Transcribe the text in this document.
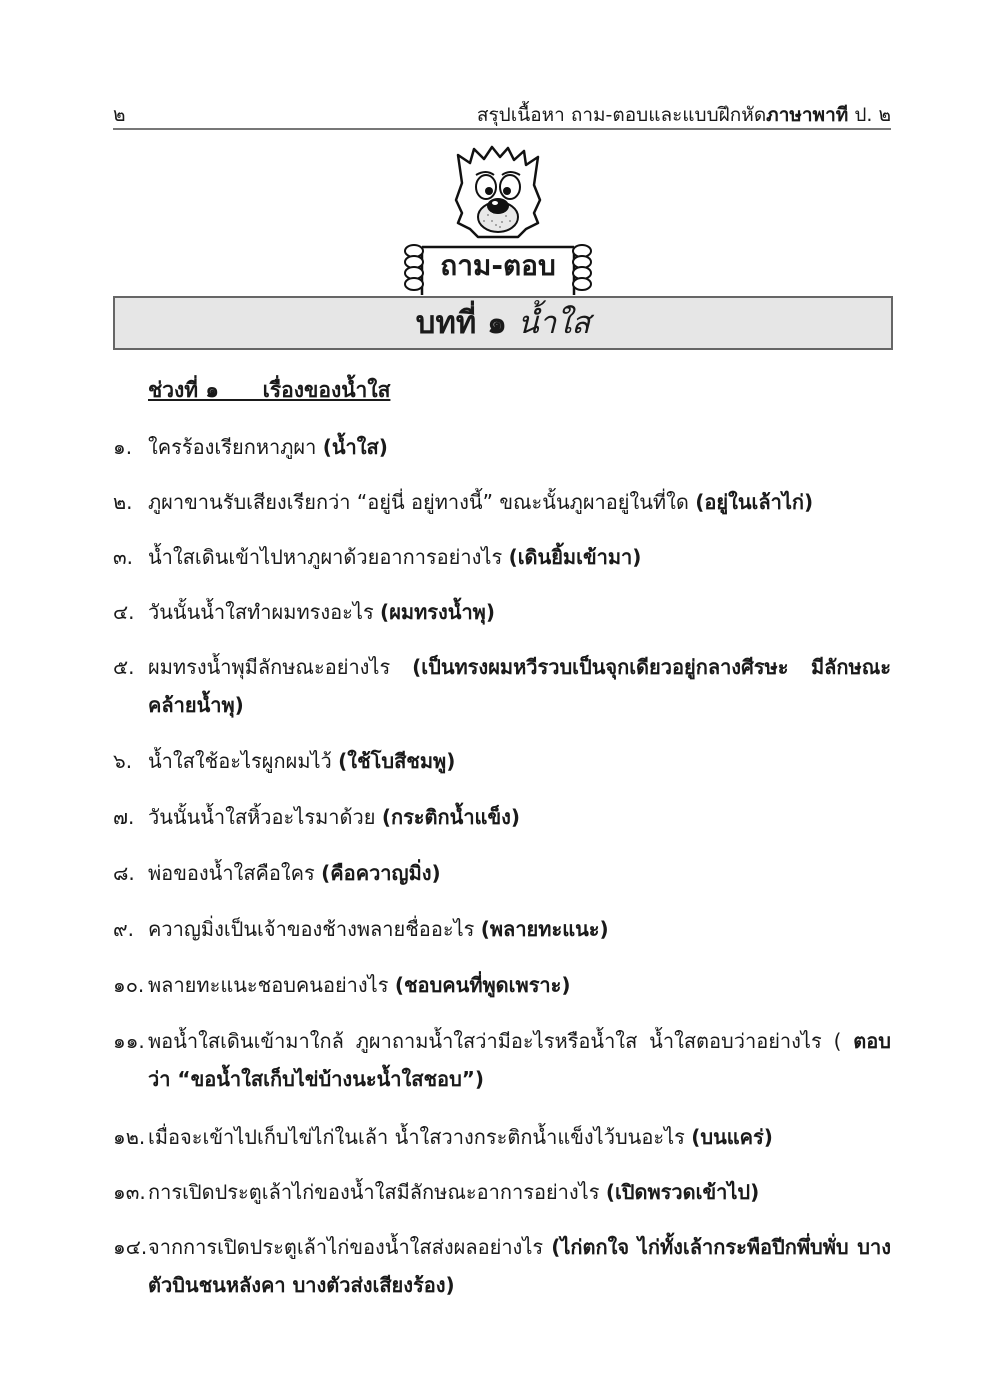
๒	สรุปเนื้อหา ถาม-ตอบและแบบฝึกหัดภาษาพาที ป. ๒
ถาม-ตอบ
บทที่ ๑ น้ำใส
ช่วงที่ ๑      เรื่องของน้ำใส
๑. ใครร้องเรียกหาภูผา (น้ำใส)
๒. ภูผาขานรับเสียงเรียกว่า “อยู่นี่ อยู่ทางนี้” ขณะนั้นภูผาอยู่ในที่ใด (อยู่ในเล้าไก่)
๓. น้ำใสเดินเข้าไปหาภูผาด้วยอาการอย่างไร (เดินยิ้มเข้ามา)
๔. วันนั้นน้ำใสทำผมทรงอะไร (ผมทรงน้ำพุ)
๕. ผมทรงน้ำพุมีลักษณะอย่างไร (เป็นทรงผมหวีรวบเป็นจุกเดียวอยู่กลางศีรษะ มีลักษณะคล้ายน้ำพุ)
๖. น้ำใสใช้อะไรผูกผมไว้ (ใช้โบสีชมพู)
๗. วันนั้นน้ำใสหิ้วอะไรมาด้วย (กระติกน้ำแข็ง)
๘. พ่อของน้ำใสคือใคร (คือควาญมิ่ง)
๙. ควาญมิ่งเป็นเจ้าของช้างพลายชื่ออะไร (พลายทะแนะ)
๑๐. พลายทะแนะชอบคนอย่างไร (ชอบคนที่พูดเพราะ)
๑๑. พอน้ำใสเดินเข้ามาใกล้ ภูผาถามน้ำใสว่ามีอะไรหรือน้ำใส น้ำใสตอบว่าอย่างไร ( ตอบว่า “ขอน้ำใสเก็บไข่บ้างนะน้ำใสชอบ”)
๑๒. เมื่อจะเข้าไปเก็บไข่ไก่ในเล้า น้ำใสวางกระติกน้ำแข็งไว้บนอะไร (บนแคร่)
๑๓. การเปิดประตูเล้าไก่ของน้ำใสมีลักษณะอาการอย่างไร (เปิดพรวดเข้าไป)
๑๔. จากการเปิดประตูเล้าไก่ของน้ำใสส่งผลอย่างไร (ไก่ตกใจ ไก่ทั้งเล้ากระพือปีกพึ่บพั่บ บางตัวบินชนหลังคา บางตัวส่งเสียงร้อง)
